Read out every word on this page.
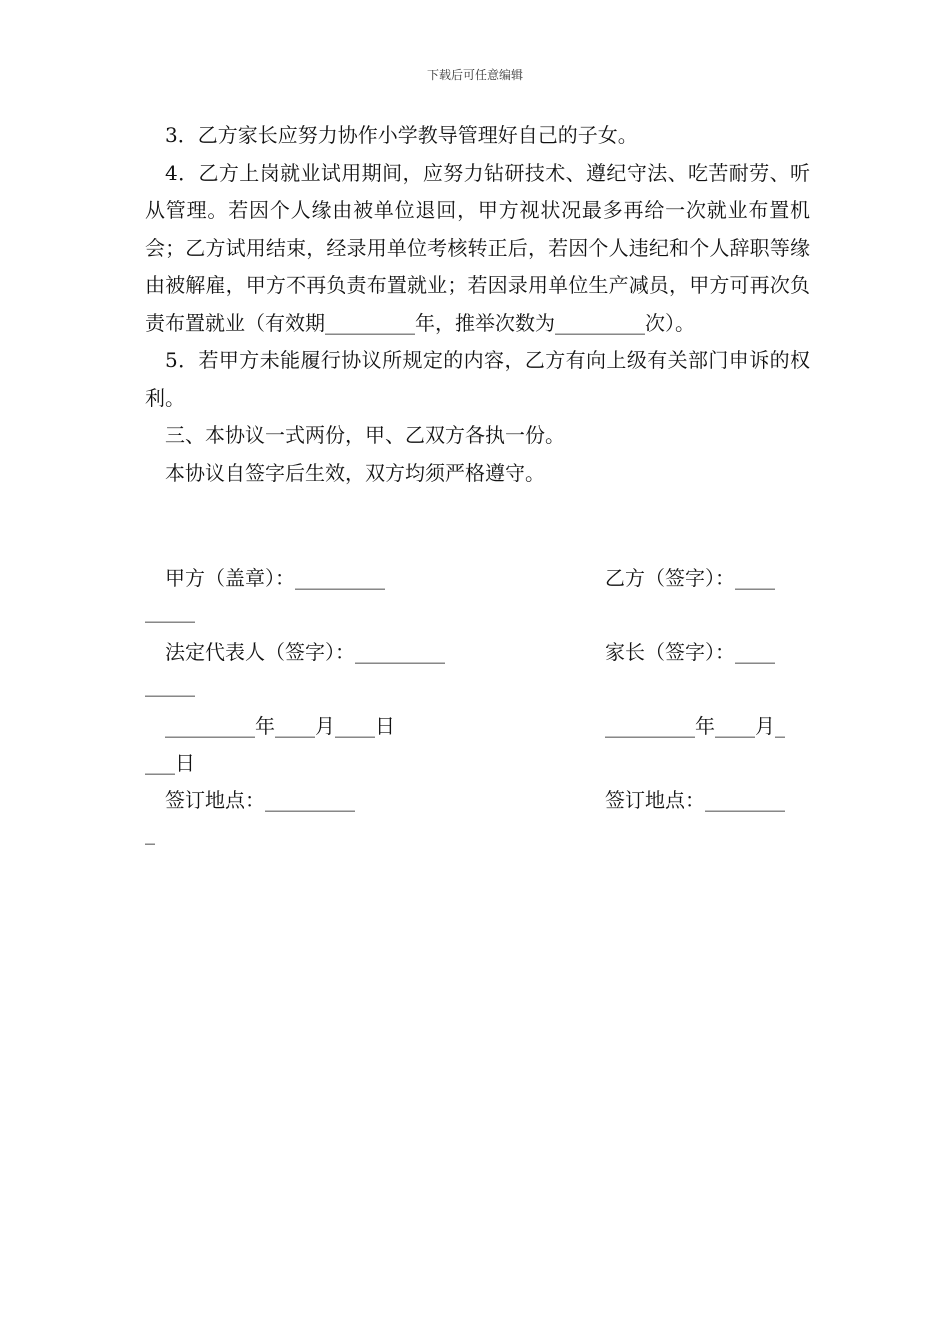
下载后可任意编辑

3．乙方家长应努力协作小学教导管理好自己的子女。

4．乙方上岗就业试用期间，应努力钻研技术、遵纪守法、吃苦耐劳、听从管理。若因个人缘由被单位退回，甲方视状况最多再给一次就业布置机会；乙方试用结束，经录用单位考核转正后，若因个人违纪和个人辞职等缘由被解雇，甲方不再负责布置就业；若因录用单位生产减员，甲方可再次负责布置就业（有效期_________年，推举次数为_________次）。

5．若甲方未能履行协议所规定的内容，乙方有向上级有关部门申诉的权利。

三、本协议一式两份，甲、乙双方各执一份。

本协议自签字后生效，双方均须严格遵守。

甲方（盖章）：_________	乙方（签字）：____
_____
法定代表人（签字）：_________	家长（签字）：____
_____
_________年____月____日	_________年____月_
___日
签订地点：_________	签订地点：________
_
